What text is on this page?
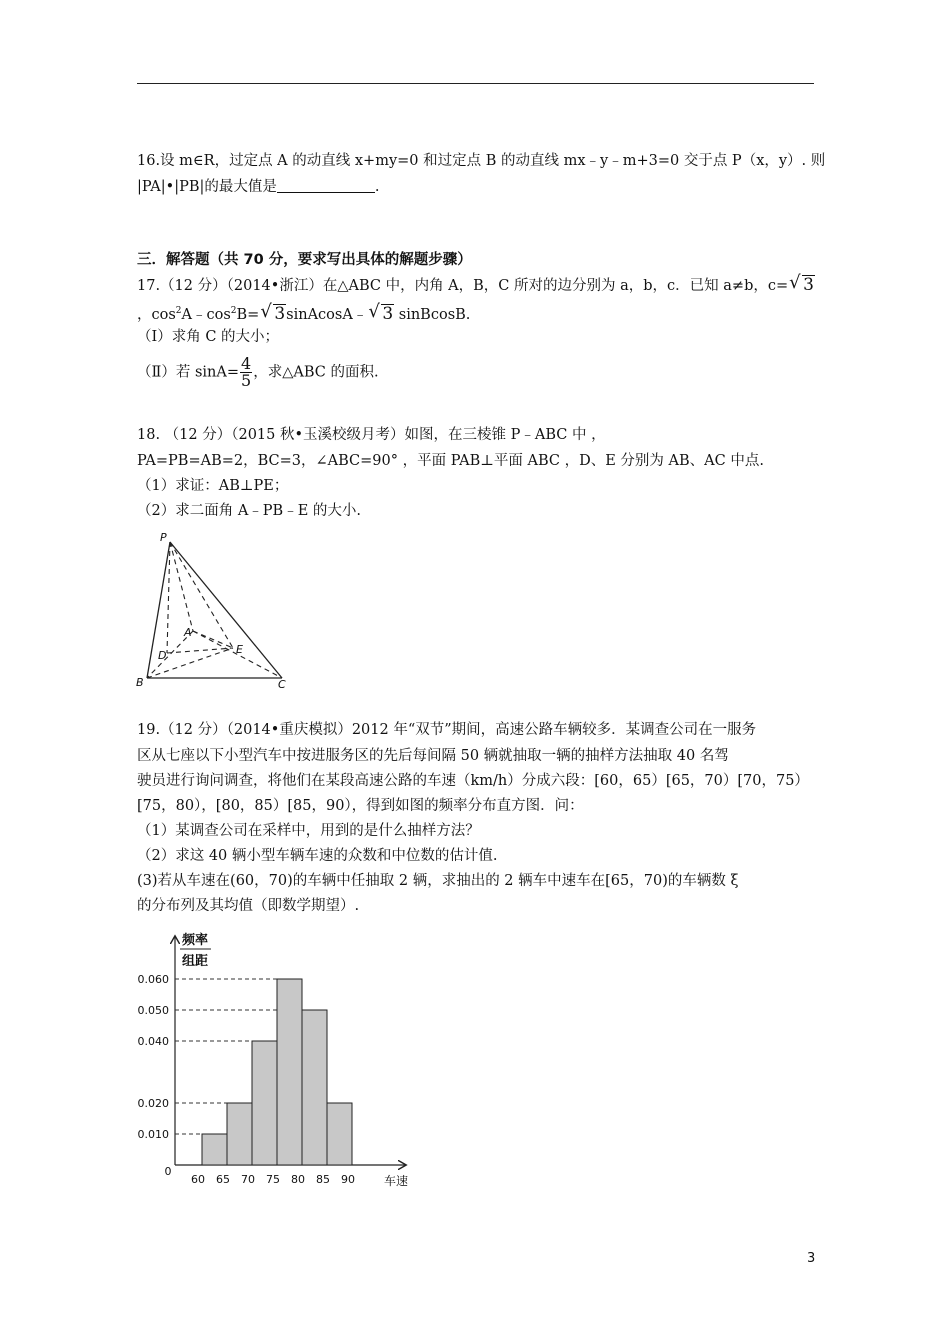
16.设 m∈R，过定点 A 的动直线 x+my=0 和过定点 B 的动直线 mx﹣y﹣m+3=0 交于点 P（x，y）. 则
|PA|•|PB|的最大值是	.
三．解答题（共 70 分，要求写出具体的解题步骤）
17.（12 分）（2014•浙江）在△ABC 中，内角 A，B，C 所对的边分别为 a，b，c．已知 a≠b，c=√ 3
，$\cos^2A﹣\cos^2B=√$ 3sinAcosA﹣√ 3 sinBcosB.
（Ⅰ）求角 C 的大小；
（Ⅱ）若 $\sin A= \frac{4}{5}$ ，求△ABC 的面积.
18. （12 分）（2015 秋•玉溪校级月考）如图，在三棱锥 P﹣ABC 中 ，
PA=PB=AB=2，BC=3，∠ABC=90° ，平面 PAB⊥平面 ABC ，D、E 分别为 AB、AC 中点.
（1）求证：AB⊥PE；
（2）求二面角 A﹣PB﹣E 的大小.
P
A
D	E
B	C
19.（12 分）（2014•重庆模拟）2012 年“双节”期间，高速公路车辆较多．某调查公司在一服务
区从七座以下小型汽车中按进服务区的先后每间隔 50 辆就抽取一辆的抽样方法抽取 40 名驾
驶员进行询问调查，将他们在某段高速公路的车速（km/h）分成六段：[60，65）[65，70）[70，75）
[75，80），[80，85）[85，90），得到如图的频率分布直方图．问：
（1）某调查公司在采样中，用到的是什么抽样方法？
（2）求这 40 辆小型车辆车速的众数和中位数的估计值.
(3)若从车速在(60，70)的车辆中任抽取 2 辆，求抽出的 2 辆车中速车在[65，70)的车辆数 ξ
的分布列及其均值（即数学期望）.
0.060
0.050
0.040
0.020
0.010
60 65 70 75 80 85 90
0
频率
组距
车速
3
